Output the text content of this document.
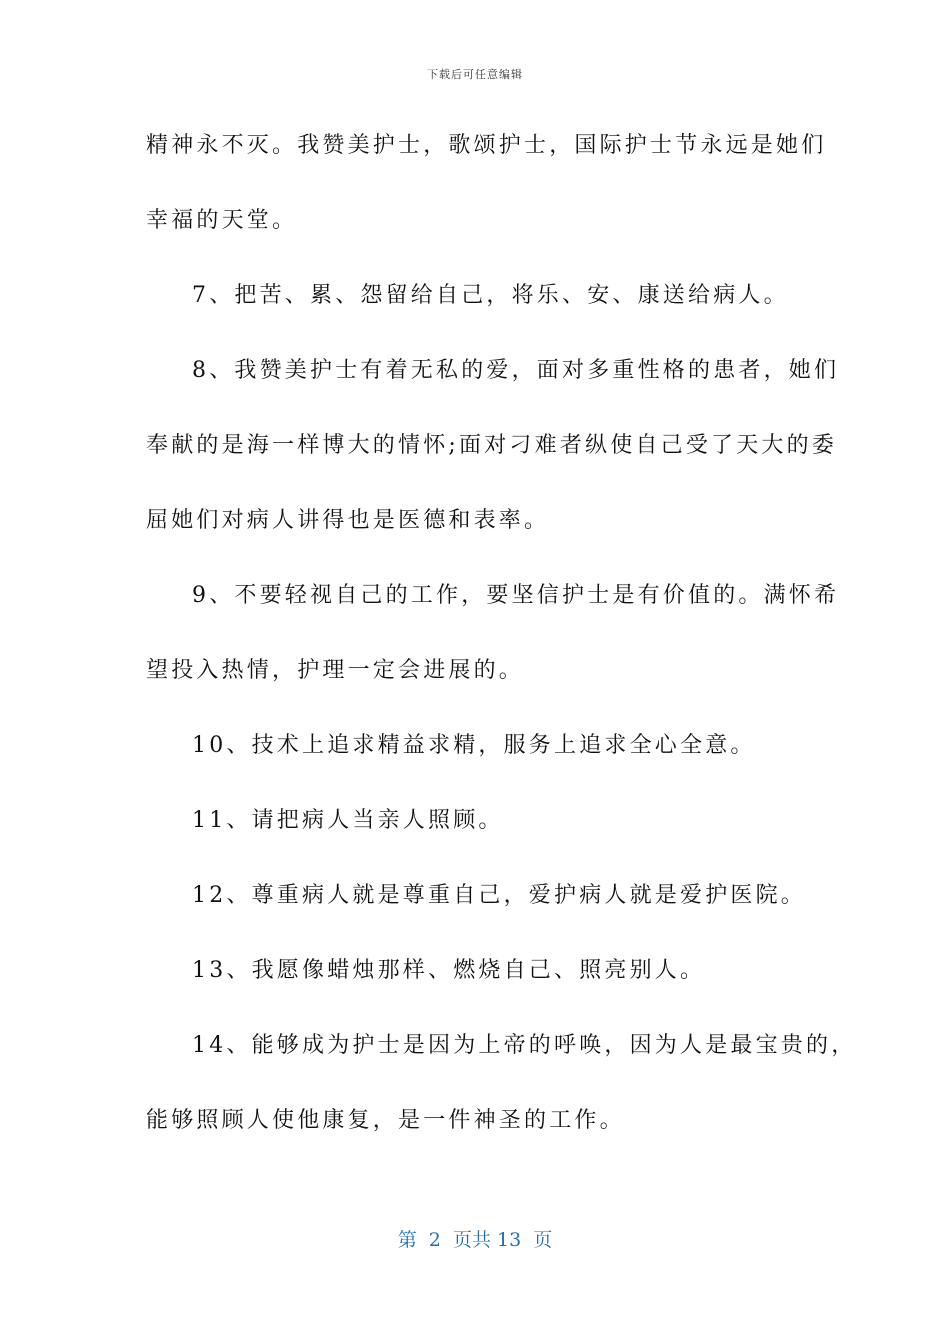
下载后可任意编辑
精神永不灭。我赞美护士，歌颂护士，国际护士节永远是她们
幸福的天堂。
7、把苦、累、怨留给自己，将乐、安、康送给病人。
8、我赞美护士有着无私的爱，面对多重性格的患者，她们
奉献的是海一样博大的情怀;面对刁难者纵使自己受了天大的委
屈她们对病人讲得也是医德和表率。
9、不要轻视自己的工作，要坚信护士是有价值的。满怀希
望投入热情，护理一定会进展的。
10、技术上追求精益求精，服务上追求全心全意。
11、请把病人当亲人照顾。
12、尊重病人就是尊重自己，爱护病人就是爱护医院。
13、我愿像蜡烛那样、燃烧自己、照亮别人。
14、能够成为护士是因为上帝的呼唤，因为人是最宝贵的，
能够照顾人使他康复，是一件神圣的工作。
第  2  页共 13  页
